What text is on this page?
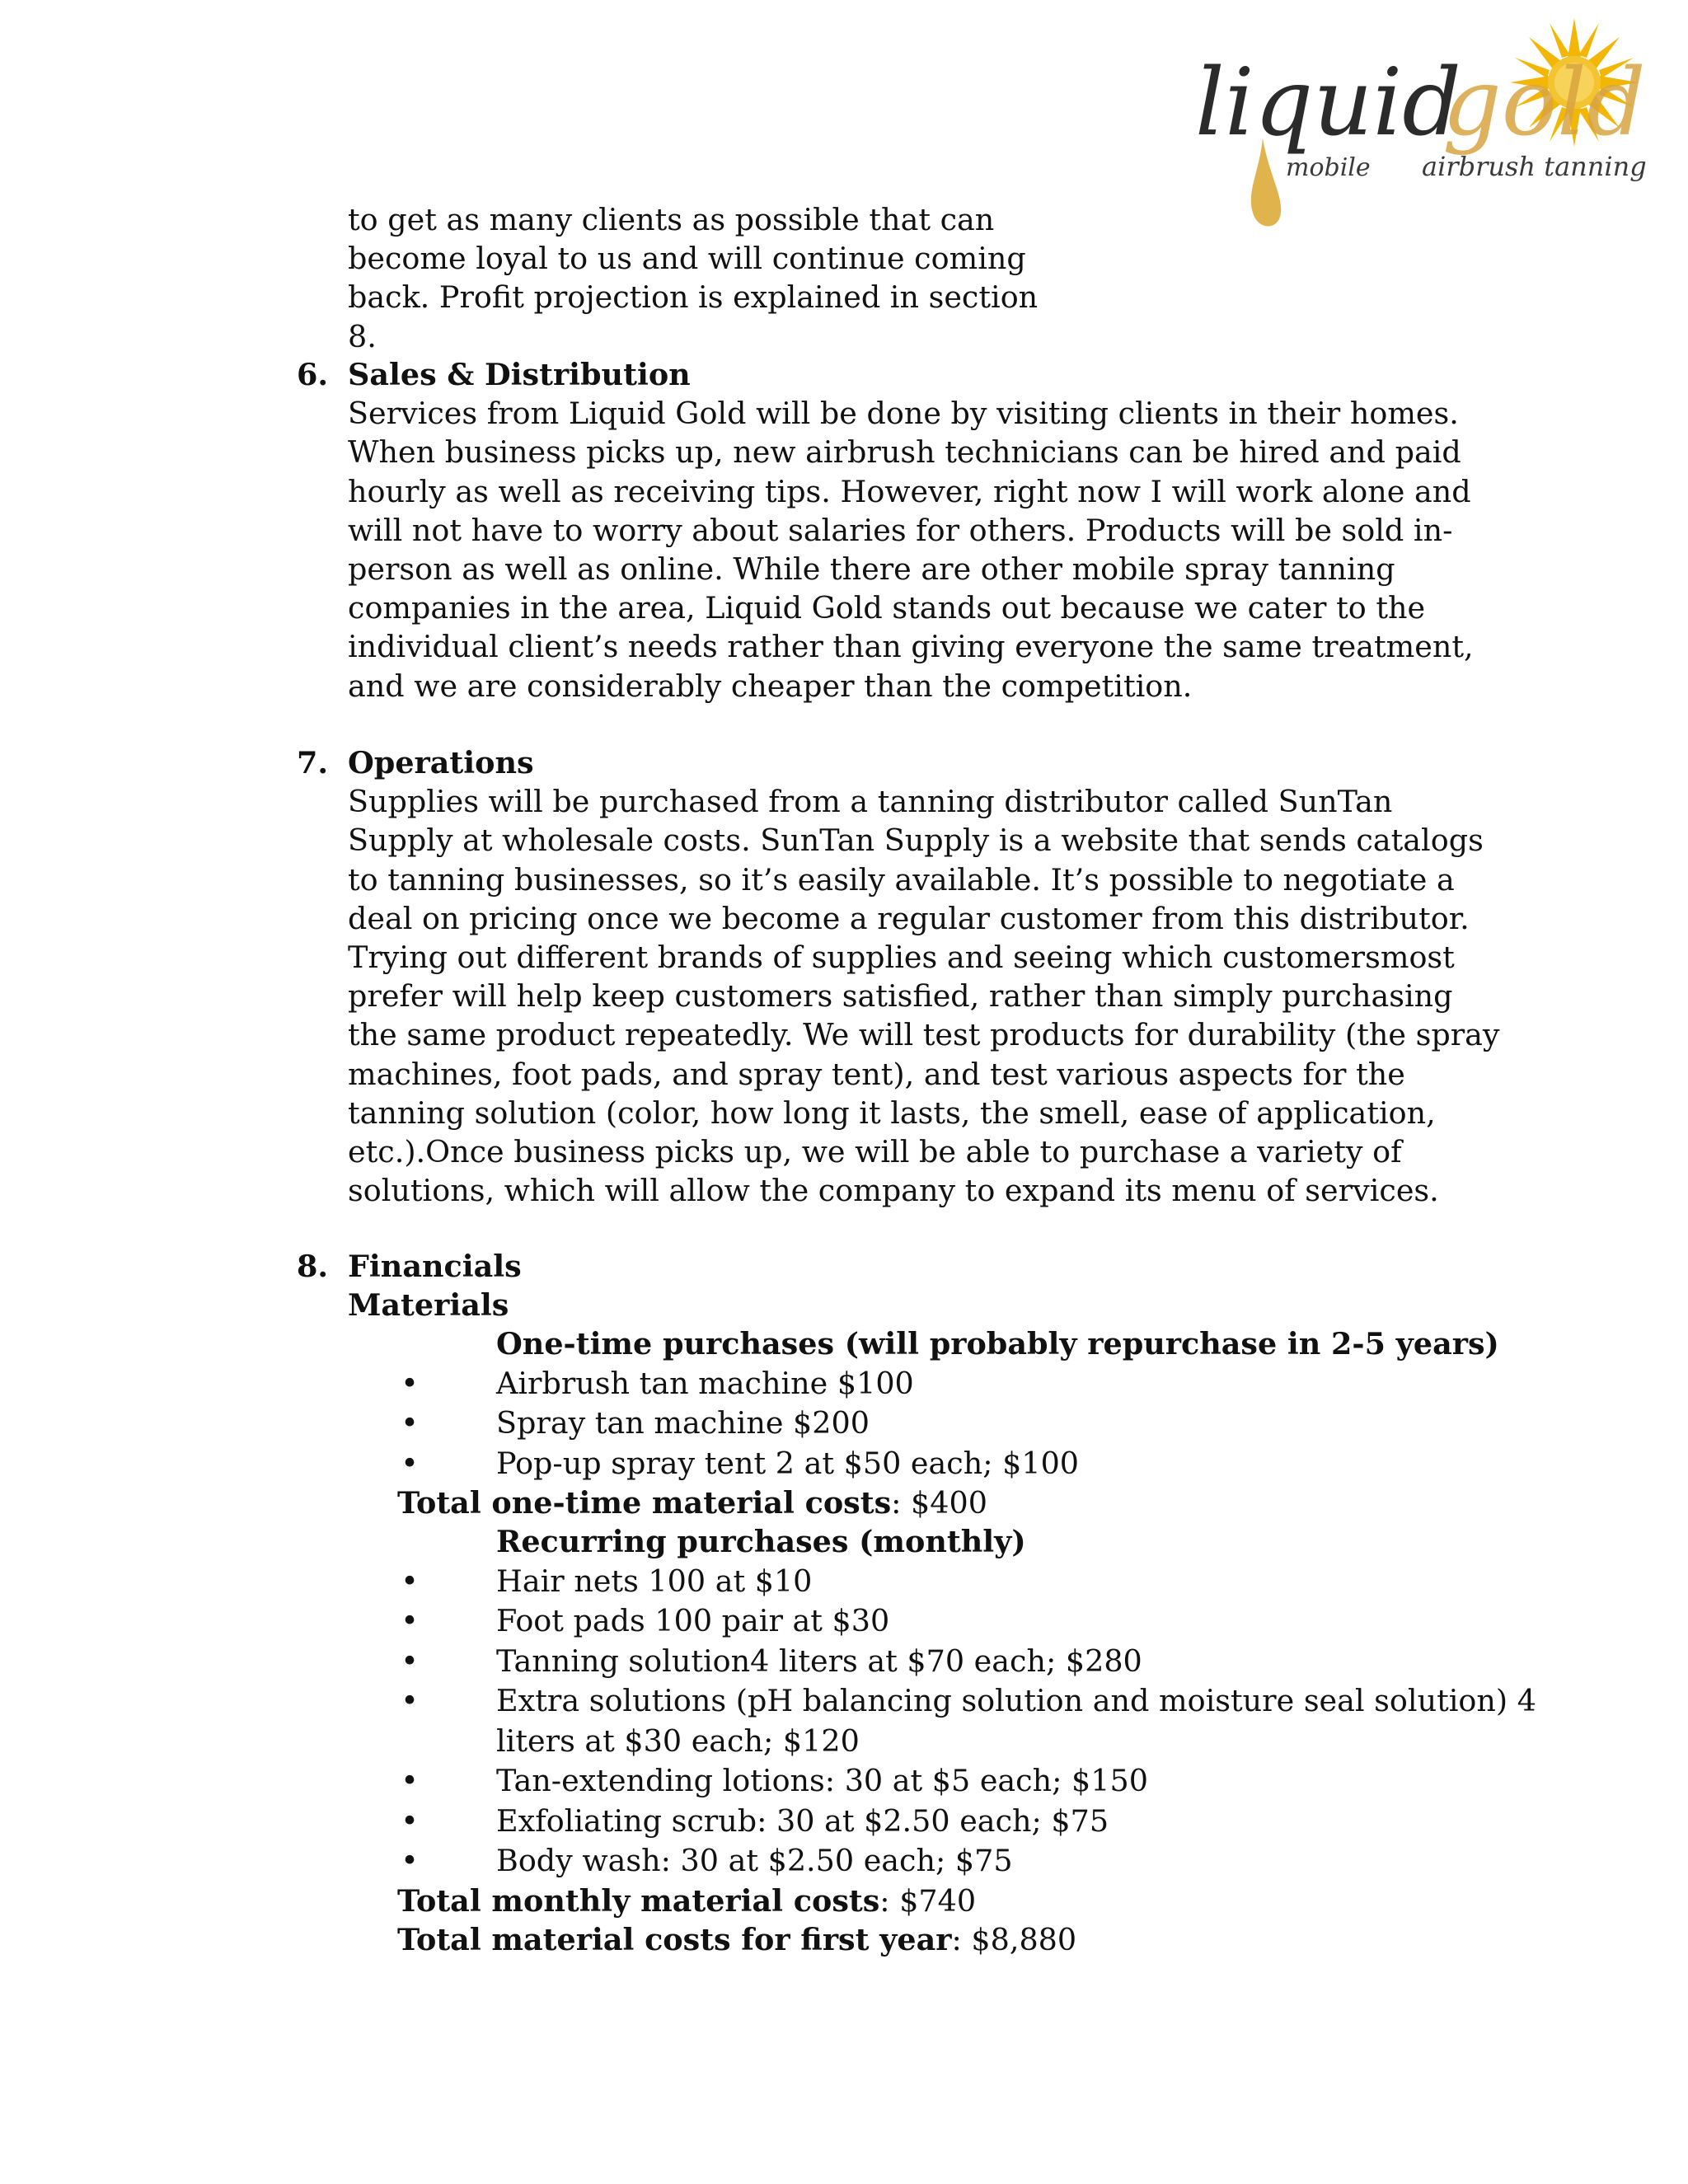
liquid
gold
mobile airbrush tanning
to get as many clients as possible that can become loyal to us and will continue coming back. Profit projection is explained in section 8.
6. Sales & Distribution
Services from Liquid Gold will be done by visiting clients in their homes. When business picks up, new airbrush technicians can be hired and paid hourly as well as receiving tips. However, right now I will work alone and will not have to worry about salaries for others. Products will be sold in-person as well as online. While there are other mobile spray tanning companies in the area, Liquid Gold stands out because we cater to the individual client’s needs rather than giving everyone the same treatment, and we are considerably cheaper than the competition.
7. Operations
Supplies will be purchased from a tanning distributor called SunTan Supply at wholesale costs. SunTan Supply is a website that sends catalogs to tanning businesses, so it’s easily available. It’s possible to negotiate a deal on pricing once we become a regular customer from this distributor. Trying out different brands of supplies and seeing which customersmost prefer will help keep customers satisfied, rather than simply purchasing the same product repeatedly. We will test products for durability (the spray machines, foot pads, and spray tent), and test various aspects for the tanning solution (color, how long it lasts, the smell, ease of application, etc.).Once business picks up, we will be able to purchase a variety of solutions, which will allow the company to expand its menu of services.
8. Financials
Materials
One-time purchases (will probably repurchase in 2-5 years)
•	Airbrush tan machine $100
•	Spray tan machine $200
•	Pop-up spray tent 2 at $50 each; $100
Total one-time material costs: $400
Recurring purchases (monthly)
•	Hair nets 100 at $10
•	Foot pads 100 pair at $30
•	Tanning solution4 liters at $70 each; $280
•	Extra solutions (pH balancing solution and moisture seal solution) 4 liters at $30 each; $120
•	Tan-extending lotions: 30 at $5 each; $150
•	Exfoliating scrub: 30 at $2.50 each; $75
•	Body wash: 30 at $2.50 each; $75
Total monthly material costs: $740
Total material costs for first year: $8,880
